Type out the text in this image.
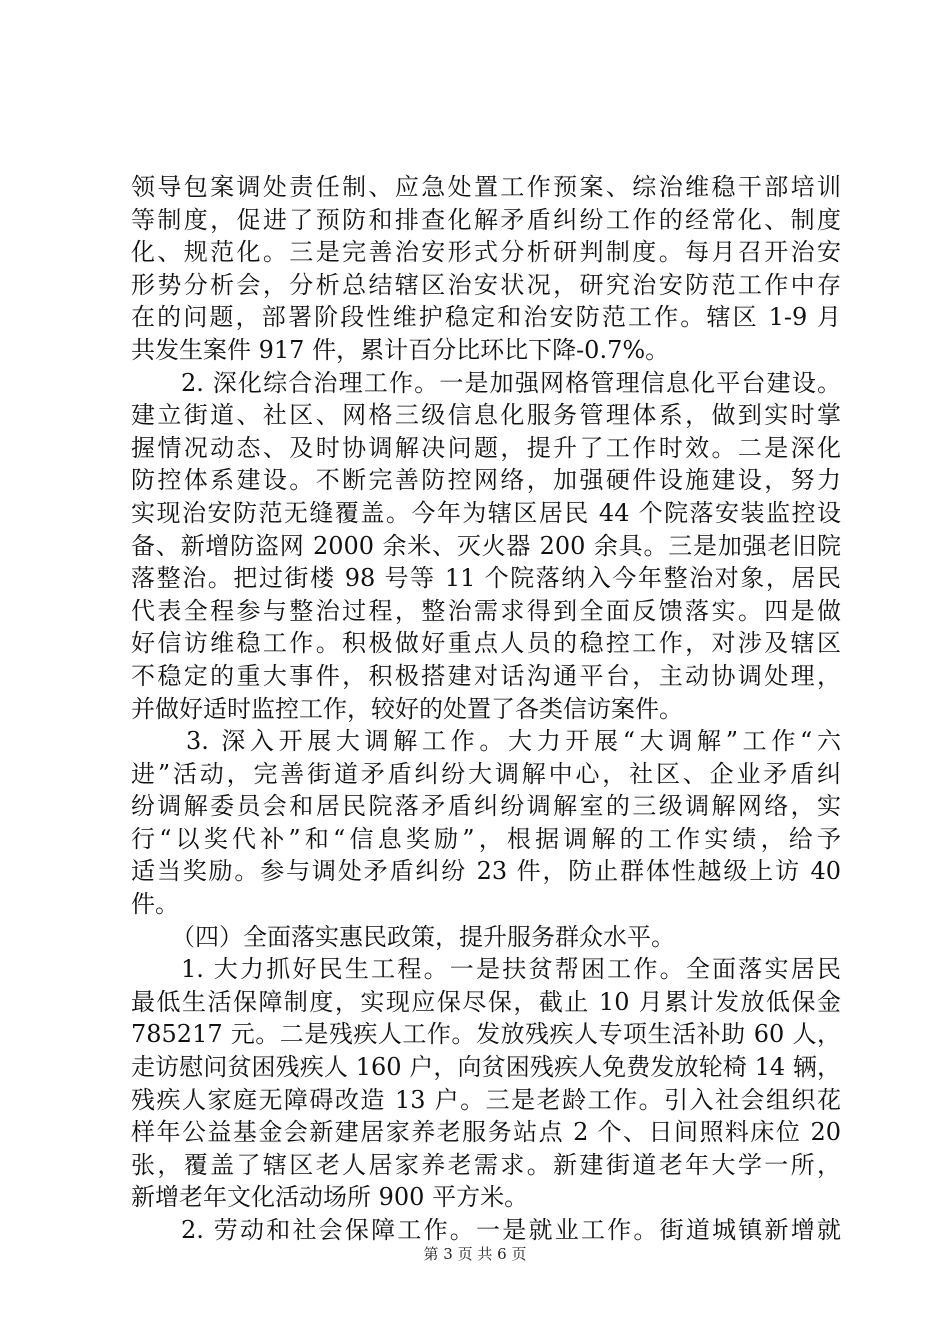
领导包案调处责任制、应急处置工作预案、综治维稳干部培训
等制度，促进了预防和排查化解矛盾纠纷工作的经常化、制度
化、规范化。三是完善治安形式分析研判制度。每月召开治安
形势分析会，分析总结辖区治安状况，研究治安防范工作中存
在的问题，部署阶段性维护稳定和治安防范工作。辖区 1-9 月
共发生案件 917 件，累计百分比环比下降-0.7%。
2. 深化综合治理工作。一是加强网格管理信息化平台建设。
建立街道、社区、网格三级信息化服务管理体系，做到实时掌
握情况动态、及时协调解决问题，提升了工作时效。二是深化
防控体系建设。不断完善防控网络，加强硬件设施建设，努力
实现治安防范无缝覆盖。今年为辖区居民 44 个院落安装监控设
备、新增防盗网 2000 余米、灭火器 200 余具。三是加强老旧院
落整治。把过街楼 98 号等 11 个院落纳入今年整治对象，居民
代表全程参与整治过程，整治需求得到全面反馈落实。四是做
好信访维稳工作。积极做好重点人员的稳控工作，对涉及辖区
不稳定的重大事件，积极搭建对话沟通平台，主动协调处理，
并做好适时监控工作，较好的处置了各类信访案件。
3. 深入开展大调解工作。大力开展“大调解”工作“六
进”活动，完善街道矛盾纠纷大调解中心，社区、企业矛盾纠
纷调解委员会和居民院落矛盾纠纷调解室的三级调解网络，实
行“以奖代补”和“信息奖励”，根据调解的工作实绩，给予
适当奖励。参与调处矛盾纠纷 23 件，防止群体性越级上访 40
件。
（四）全面落实惠民政策，提升服务群众水平。
1. 大力抓好民生工程。一是扶贫帮困工作。全面落实居民
最低生活保障制度，实现应保尽保，截止 10 月累计发放低保金
785217 元。二是残疾人工作。发放残疾人专项生活补助 60 人，
走访慰问贫困残疾人 160 户，向贫困残疾人免费发放轮椅 14 辆，
残疾人家庭无障碍改造 13 户。三是老龄工作。引入社会组织花
样年公益基金会新建居家养老服务站点 2 个、日间照料床位 20
张，覆盖了辖区老人居家养老需求。新建街道老年大学一所，
新增老年文化活动场所 900 平方米。
2. 劳动和社会保障工作。一是就业工作。街道城镇新增就
第 3 页 共 6 页
